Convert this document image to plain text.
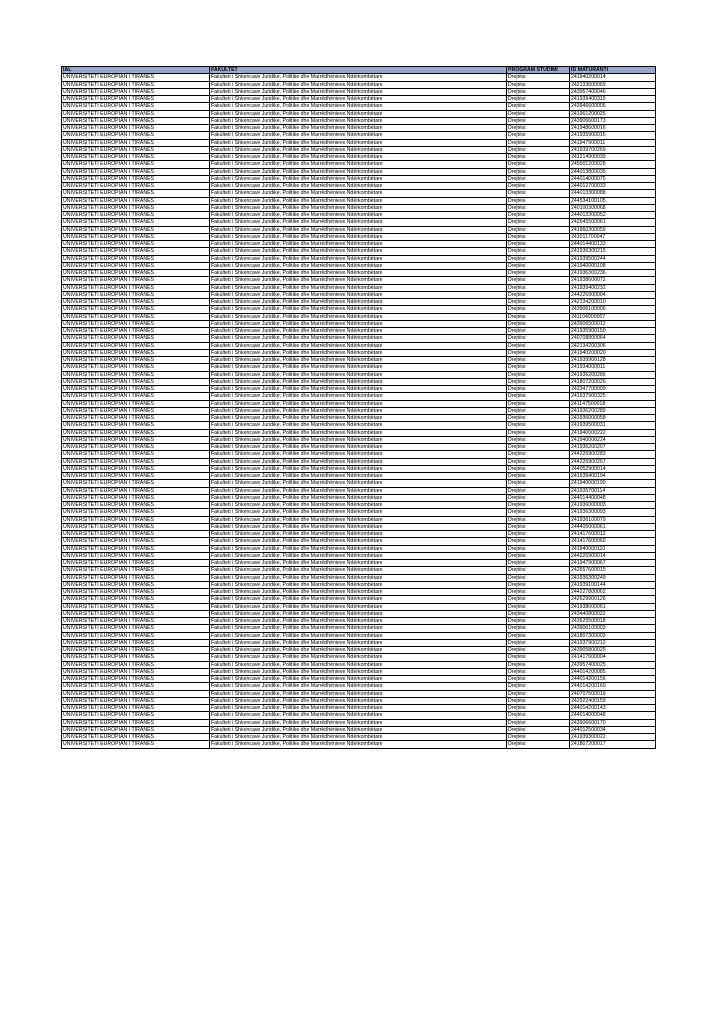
IAL	FAKULTET	PROGRAM STUDIMI	ID MATURANTI
UNIVERSITETI EUROPIAN I TIRANËS	Fakulteti i Shkencave Juridike, Politike dhe Marrëdhënieve Ndërkombëtare	Drejtësi	241940200014
UNIVERSITETI EUROPIAN I TIRANËS	Fakulteti i Shkencave Juridike, Politike dhe Marrëdhënieve Ndërkombëtare	Drejtësi	242133600069
UNIVERSITETI EUROPIAN I TIRANËS	Fakulteti i Shkencave Juridike, Politike dhe Marrëdhënieve Ndërkombëtare	Drejtësi	243957400046
UNIVERSITETI EUROPIAN I TIRANËS	Fakulteti i Shkencave Juridike, Politike dhe Marrëdhënieve Ndërkombëtare	Drejtësi	241939400315
UNIVERSITETI EUROPIAN I TIRANËS	Fakulteti i Shkencave Juridike, Politike dhe Marrëdhënieve Ndërkombëtare	Drejtësi	243946600005
UNIVERSITETI EUROPIAN I TIRANËS	Fakulteti i Shkencave Juridike, Politike dhe Marrëdhënieve Ndërkombëtare	Drejtësi	241961200025
UNIVERSITETI EUROPIAN I TIRANËS	Fakulteti i Shkencave Juridike, Politike dhe Marrëdhënieve Ndërkombëtare	Drejtësi	243906600173
UNIVERSITETI EUROPIAN I TIRANËS	Fakulteti i Shkencave Juridike, Politike dhe Marrëdhënieve Ndërkombëtare	Drejtësi	241948600016
UNIVERSITETI EUROPIAN I TIRANËS	Fakulteti i Shkencave Juridike, Politike dhe Marrëdhënieve Ndërkombëtare	Drejtësi	241935900015
UNIVERSITETI EUROPIAN I TIRANËS	Fakulteti i Shkencave Juridike, Politike dhe Marrëdhënieve Ndërkombëtare	Drejtësi	241947900011
UNIVERSITETI EUROPIAN I TIRANËS	Fakulteti i Shkencave Juridike, Politike dhe Marrëdhënieve Ndërkombëtare	Drejtësi	241939700269
UNIVERSITETI EUROPIAN I TIRANËS	Fakulteti i Shkencave Juridike, Politike dhe Marrëdhënieve Ndërkombëtare	Drejtësi	241214900039
UNIVERSITETI EUROPIAN I TIRANËS	Fakulteti i Shkencave Juridike, Politike dhe Marrëdhënieve Ndërkombëtare	Drejtësi	245001200028
UNIVERSITETI EUROPIAN I TIRANËS	Fakulteti i Shkencave Juridike, Politike dhe Marrëdhënieve Ndërkombëtare	Drejtësi	244013800035
UNIVERSITETI EUROPIAN I TIRANËS	Fakulteti i Shkencave Juridike, Politike dhe Marrëdhënieve Ndërkombëtare	Drejtësi	244014000075
UNIVERSITETI EUROPIAN I TIRANËS	Fakulteti i Shkencave Juridike, Politike dhe Marrëdhënieve Ndërkombëtare	Drejtësi	244012700033
UNIVERSITETI EUROPIAN I TIRANËS	Fakulteti i Shkencave Juridike, Politike dhe Marrëdhënieve Ndërkombëtare	Drejtësi	244013300088
UNIVERSITETI EUROPIAN I TIRANËS	Fakulteti i Shkencave Juridike, Politike dhe Marrëdhënieve Ndërkombëtare	Drejtësi	244534100105
UNIVERSITETI EUROPIAN I TIRANËS	Fakulteti i Shkencave Juridike, Politike dhe Marrëdhënieve Ndërkombëtare	Drejtësi	240100300068
UNIVERSITETI EUROPIAN I TIRANËS	Fakulteti i Shkencave Juridike, Politike dhe Marrëdhënieve Ndërkombëtare	Drejtësi	244013300052
UNIVERSITETI EUROPIAN I TIRANËS	Fakulteti i Shkencave Juridike, Politike dhe Marrëdhënieve Ndërkombëtare	Drejtësi	242645500061
UNIVERSITETI EUROPIAN I TIRANËS	Fakulteti i Shkencave Juridike, Politike dhe Marrëdhënieve Ndërkombëtare	Drejtësi	241960300059
UNIVERSITETI EUROPIAN I TIRANËS	Fakulteti i Shkencave Juridike, Politike dhe Marrëdhënieve Ndërkombëtare	Drejtësi	241011700047
UNIVERSITETI EUROPIAN I TIRANËS	Fakulteti i Shkencave Juridike, Politike dhe Marrëdhënieve Ndërkombëtare	Drejtësi	244014400133
UNIVERSITETI EUROPIAN I TIRANËS	Fakulteti i Shkencave Juridike, Politike dhe Marrëdhënieve Ndërkombëtare	Drejtësi	241936300215
UNIVERSITETI EUROPIAN I TIRANËS	Fakulteti i Shkencave Juridike, Politike dhe Marrëdhënieve Ndërkombëtare	Drejtësi	241939500244
UNIVERSITETI EUROPIAN I TIRANËS	Fakulteti i Shkencave Juridike, Politike dhe Marrëdhënieve Ndërkombëtare	Drejtësi	241940000108
UNIVERSITETI EUROPIAN I TIRANËS	Fakulteti i Shkencave Juridike, Politike dhe Marrëdhënieve Ndërkombëtare	Drejtësi	241936300236
UNIVERSITETI EUROPIAN I TIRANËS	Fakulteti i Shkencave Juridike, Politike dhe Marrëdhënieve Ndërkombëtare	Drejtësi	241938600072
UNIVERSITETI EUROPIAN I TIRANËS	Fakulteti i Shkencave Juridike, Politike dhe Marrëdhënieve Ndërkombëtare	Drejtësi	241939400232
UNIVERSITETI EUROPIAN I TIRANËS	Fakulteti i Shkencave Juridike, Politike dhe Marrëdhënieve Ndërkombëtare	Drejtësi	244226900004
UNIVERSITETI EUROPIAN I TIRANËS	Fakulteti i Shkencave Juridike, Politike dhe Marrëdhënieve Ndërkombëtare	Drejtësi	242134200010
UNIVERSITETI EUROPIAN I TIRANËS	Fakulteti i Shkencave Juridike, Politike dhe Marrëdhënieve Ndërkombëtare	Drejtësi	243906100006
UNIVERSITETI EUROPIAN I TIRANËS	Fakulteti i Shkencave Juridike, Politike dhe Marrëdhënieve Ndërkombëtare	Drejtësi	241104900007
UNIVERSITETI EUROPIAN I TIRANËS	Fakulteti i Shkencave Juridike, Politike dhe Marrëdhënieve Ndërkombëtare	Drejtësi	243906500012
UNIVERSITETI EUROPIAN I TIRANËS	Fakulteti i Shkencave Juridike, Politike dhe Marrëdhënieve Ndërkombëtare	Drejtësi	241935900150
UNIVERSITETI EUROPIAN I TIRANËS	Fakulteti i Shkencave Juridike, Politike dhe Marrëdhënieve Ndërkombëtare	Drejtësi	240708800064
UNIVERSITETI EUROPIAN I TIRANËS	Fakulteti i Shkencave Juridike, Politike dhe Marrëdhënieve Ndërkombëtare	Drejtësi	242134200306
UNIVERSITETI EUROPIAN I TIRANËS	Fakulteti i Shkencave Juridike, Politike dhe Marrëdhënieve Ndërkombëtare	Drejtësi	241940200020
UNIVERSITETI EUROPIAN I TIRANËS	Fakulteti i Shkencave Juridike, Politike dhe Marrëdhënieve Ndërkombëtare	Drejtësi	241939900128
UNIVERSITETI EUROPIAN I TIRANËS	Fakulteti i Shkencave Juridike, Politike dhe Marrëdhënieve Ndërkombëtare	Drejtësi	241934000011
UNIVERSITETI EUROPIAN I TIRANËS	Fakulteti i Shkencave Juridike, Politike dhe Marrëdhënieve Ndërkombëtare	Drejtësi	241936200286
UNIVERSITETI EUROPIAN I TIRANËS	Fakulteti i Shkencave Juridike, Politike dhe Marrëdhënieve Ndërkombëtare	Drejtësi	241807200026
UNIVERSITETI EUROPIAN I TIRANËS	Fakulteti i Shkencave Juridike, Politike dhe Marrëdhënieve Ndërkombëtare	Drejtësi	243347700009
UNIVERSITETI EUROPIAN I TIRANËS	Fakulteti i Shkencave Juridike, Politike dhe Marrëdhënieve Ndërkombëtare	Drejtësi	241937900325
UNIVERSITETI EUROPIAN I TIRANËS	Fakulteti i Shkencave Juridike, Politike dhe Marrëdhënieve Ndërkombëtare	Drejtësi	241147500018
UNIVERSITETI EUROPIAN I TIRANËS	Fakulteti i Shkencave Juridike, Politike dhe Marrëdhënieve Ndërkombëtare	Drejtësi	241936200289
UNIVERSITETI EUROPIAN I TIRANËS	Fakulteti i Shkencave Juridike, Politike dhe Marrëdhënieve Ndërkombëtare	Drejtësi	241936000058
UNIVERSITETI EUROPIAN I TIRANËS	Fakulteti i Shkencave Juridike, Politike dhe Marrëdhënieve Ndërkombëtare	Drejtësi	241939500031
UNIVERSITETI EUROPIAN I TIRANËS	Fakulteti i Shkencave Juridike, Politike dhe Marrëdhënieve Ndërkombëtare	Drejtësi	241940000222
UNIVERSITETI EUROPIAN I TIRANËS	Fakulteti i Shkencave Juridike, Politike dhe Marrëdhënieve Ndërkombëtare	Drejtësi	241940000224
UNIVERSITETI EUROPIAN I TIRANËS	Fakulteti i Shkencave Juridike, Politike dhe Marrëdhënieve Ndërkombëtare	Drejtësi	241936200207
UNIVERSITETI EUROPIAN I TIRANËS	Fakulteti i Shkencave Juridike, Politike dhe Marrëdhënieve Ndërkombëtare	Drejtësi	244226900283
UNIVERSITETI EUROPIAN I TIRANËS	Fakulteti i Shkencave Juridike, Politike dhe Marrëdhënieve Ndërkombëtare	Drejtësi	244226900267
UNIVERSITETI EUROPIAN I TIRANËS	Fakulteti i Shkencave Juridike, Politike dhe Marrëdhënieve Ndërkombëtare	Drejtësi	244052900014
UNIVERSITETI EUROPIAN I TIRANËS	Fakulteti i Shkencave Juridike, Politike dhe Marrëdhënieve Ndërkombëtare	Drejtësi	241939400194
UNIVERSITETI EUROPIAN I TIRANËS	Fakulteti i Shkencave Juridike, Politike dhe Marrëdhënieve Ndërkombëtare	Drejtësi	241940000190
UNIVERSITETI EUROPIAN I TIRANËS	Fakulteti i Shkencave Juridike, Politike dhe Marrëdhënieve Ndërkombëtare	Drejtësi	241935700114
UNIVERSITETI EUROPIAN I TIRANËS	Fakulteti i Shkencave Juridike, Politike dhe Marrëdhënieve Ndërkombëtare	Drejtësi	244014400048
UNIVERSITETI EUROPIAN I TIRANËS	Fakulteti i Shkencave Juridike, Politike dhe Marrëdhënieve Ndërkombëtare	Drejtësi	241936000003
UNIVERSITETI EUROPIAN I TIRANËS	Fakulteti i Shkencave Juridike, Politike dhe Marrëdhënieve Ndërkombëtare	Drejtësi	241936300093
UNIVERSITETI EUROPIAN I TIRANËS	Fakulteti i Shkencave Juridike, Politike dhe Marrëdhënieve Ndërkombëtare	Drejtësi	241936100079
UNIVERSITETI EUROPIAN I TIRANËS	Fakulteti i Shkencave Juridike, Politike dhe Marrëdhënieve Ndërkombëtare	Drejtësi	244405000061
UNIVERSITETI EUROPIAN I TIRANËS	Fakulteti i Shkencave Juridike, Politike dhe Marrëdhënieve Ndërkombëtare	Drejtësi	241417600012
UNIVERSITETI EUROPIAN I TIRANËS	Fakulteti i Shkencave Juridike, Politike dhe Marrëdhënieve Ndërkombëtare	Drejtësi	241417600060
UNIVERSITETI EUROPIAN I TIRANËS	Fakulteti i Shkencave Juridike, Politike dhe Marrëdhënieve Ndërkombëtare	Drejtësi	241940000110
UNIVERSITETI EUROPIAN I TIRANËS	Fakulteti i Shkencave Juridike, Politike dhe Marrëdhënieve Ndërkombëtare	Drejtësi	244226900014
UNIVERSITETI EUROPIAN I TIRANËS	Fakulteti i Shkencave Juridike, Politike dhe Marrëdhënieve Ndërkombëtare	Drejtësi	241947900067
UNIVERSITETI EUROPIAN I TIRANËS	Fakulteti i Shkencave Juridike, Politike dhe Marrëdhënieve Ndërkombëtare	Drejtësi	242657600015
UNIVERSITETI EUROPIAN I TIRANËS	Fakulteti i Shkencave Juridike, Politike dhe Marrëdhënieve Ndërkombëtare	Drejtësi	241936300249
UNIVERSITETI EUROPIAN I TIRANËS	Fakulteti i Shkencave Juridike, Politike dhe Marrëdhënieve Ndërkombëtare	Drejtësi	241939100144
UNIVERSITETI EUROPIAN I TIRANËS	Fakulteti i Shkencave Juridike, Politike dhe Marrëdhënieve Ndërkombëtare	Drejtësi	244227800062
UNIVERSITETI EUROPIAN I TIRANËS	Fakulteti i Shkencave Juridike, Politike dhe Marrëdhënieve Ndërkombëtare	Drejtësi	242629900126
UNIVERSITETI EUROPIAN I TIRANËS	Fakulteti i Shkencave Juridike, Politike dhe Marrëdhënieve Ndërkombëtare	Drejtësi	241938000061
UNIVERSITETI EUROPIAN I TIRANËS	Fakulteti i Shkencave Juridike, Politike dhe Marrëdhënieve Ndërkombëtare	Drejtësi	243440800022
UNIVERSITETI EUROPIAN I TIRANËS	Fakulteti i Shkencave Juridike, Politike dhe Marrëdhënieve Ndërkombëtare	Drejtësi	243625500018
UNIVERSITETI EUROPIAN I TIRANËS	Fakulteti i Shkencave Juridike, Politike dhe Marrëdhënieve Ndërkombëtare	Drejtësi	243906100003
UNIVERSITETI EUROPIAN I TIRANËS	Fakulteti i Shkencave Juridike, Politike dhe Marrëdhënieve Ndërkombëtare	Drejtësi	241807300003
UNIVERSITETI EUROPIAN I TIRANËS	Fakulteti i Shkencave Juridike, Politike dhe Marrëdhënieve Ndërkombëtare	Drejtësi	241937900212
UNIVERSITETI EUROPIAN I TIRANËS	Fakulteti i Shkencave Juridike, Politike dhe Marrëdhënieve Ndërkombëtare	Drejtësi	243905800025
UNIVERSITETI EUROPIAN I TIRANËS	Fakulteti i Shkencave Juridike, Politike dhe Marrëdhënieve Ndërkombëtare	Drejtësi	241417600004
UNIVERSITETI EUROPIAN I TIRANËS	Fakulteti i Shkencave Juridike, Politike dhe Marrëdhënieve Ndërkombëtare	Drejtësi	243957400025
UNIVERSITETI EUROPIAN I TIRANËS	Fakulteti i Shkencave Juridike, Politike dhe Marrëdhënieve Ndërkombëtare	Drejtësi	244014200085
UNIVERSITETI EUROPIAN I TIRANËS	Fakulteti i Shkencave Juridike, Politike dhe Marrëdhënieve Ndërkombëtare	Drejtësi	244014200156
UNIVERSITETI EUROPIAN I TIRANËS	Fakulteti i Shkencave Juridike, Politike dhe Marrëdhënieve Ndërkombëtare	Drejtësi	244014200160
UNIVERSITETI EUROPIAN I TIRANËS	Fakulteti i Shkencave Juridike, Politike dhe Marrëdhënieve Ndërkombëtare	Drejtësi	240707500019
UNIVERSITETI EUROPIAN I TIRANËS	Fakulteti i Shkencave Juridike, Politike dhe Marrëdhënieve Ndërkombëtare	Drejtësi	242922400159
UNIVERSITETI EUROPIAN I TIRANËS	Fakulteti i Shkencave Juridike, Politike dhe Marrëdhënieve Ndërkombëtare	Drejtësi	244014200143
UNIVERSITETI EUROPIAN I TIRANËS	Fakulteti i Shkencave Juridike, Politike dhe Marrëdhënieve Ndërkombëtare	Drejtësi	244014000048
UNIVERSITETI EUROPIAN I TIRANËS	Fakulteti i Shkencave Juridike, Politike dhe Marrëdhënieve Ndërkombëtare	Drejtësi	243906600170
UNIVERSITETI EUROPIAN I TIRANËS	Fakulteti i Shkencave Juridike, Politike dhe Marrëdhënieve Ndërkombëtare	Drejtësi	244012500034
UNIVERSITETI EUROPIAN I TIRANËS	Fakulteti i Shkencave Juridike, Politike dhe Marrëdhënieve Ndërkombëtare	Drejtësi	241939300022
UNIVERSITETI EUROPIAN I TIRANËS	Fakulteti i Shkencave Juridike, Politike dhe Marrëdhënieve Ndërkombëtare	Drejtësi	241807200017
